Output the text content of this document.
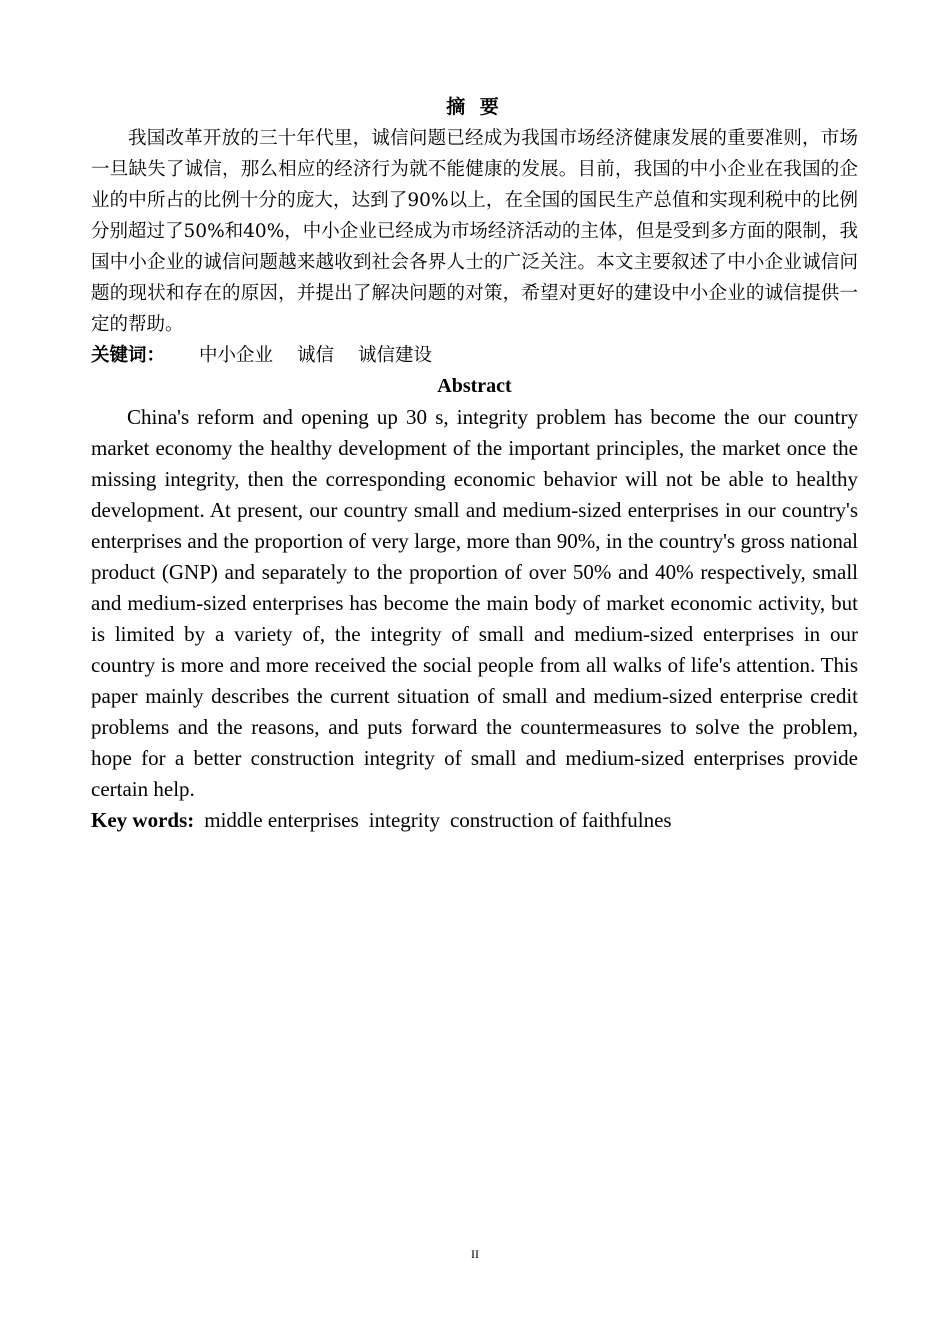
摘 要

我国改革开放的三十年代里，诚信问题已经成为我国市场经济健康发展的重要准则，市场一旦缺失了诚信，那么相应的经济行为就不能健康的发展。目前，我国的中小企业在我国的企业的中所占的比例十分的庞大，达到了90%以上，在全国的国民生产总值和实现利税中的比例分别超过了50%和40%，中小企业已经成为市场经济活动的主体，但是受到多方面的限制，我国中小企业的诚信问题越来越收到社会各界人士的广泛关注。本文主要叙述了中小企业诚信问题的现状和存在的原因，并提出了解决问题的对策，希望对更好的建设中小企业的诚信提供一定的帮助。

关键词： 中小企业 诚信 诚信建设

Abstract

China's reform and opening up 30 s, integrity problem has become the our country market economy the healthy development of the important principles, the market once the missing integrity, then the corresponding economic behavior will not be able to healthy development. At present, our country small and medium-sized enterprises in our country's enterprises and the proportion of very large, more than 90%, in the country's gross national product (GNP) and separately to the proportion of over 50% and 40% respectively, small and medium-sized enterprises has become the main body of market economic activity, but is limited by a variety of, the integrity of small and medium-sized enterprises in our country is more and more received the social people from all walks of life's attention. This paper mainly describes the current situation of small and medium-sized enterprise credit problems and the reasons, and puts forward the countermeasures to solve the problem, hope for a better construction integrity of small and medium-sized enterprises provide certain help.

Key words: middle enterprises integrity construction of faithfulnes

II
